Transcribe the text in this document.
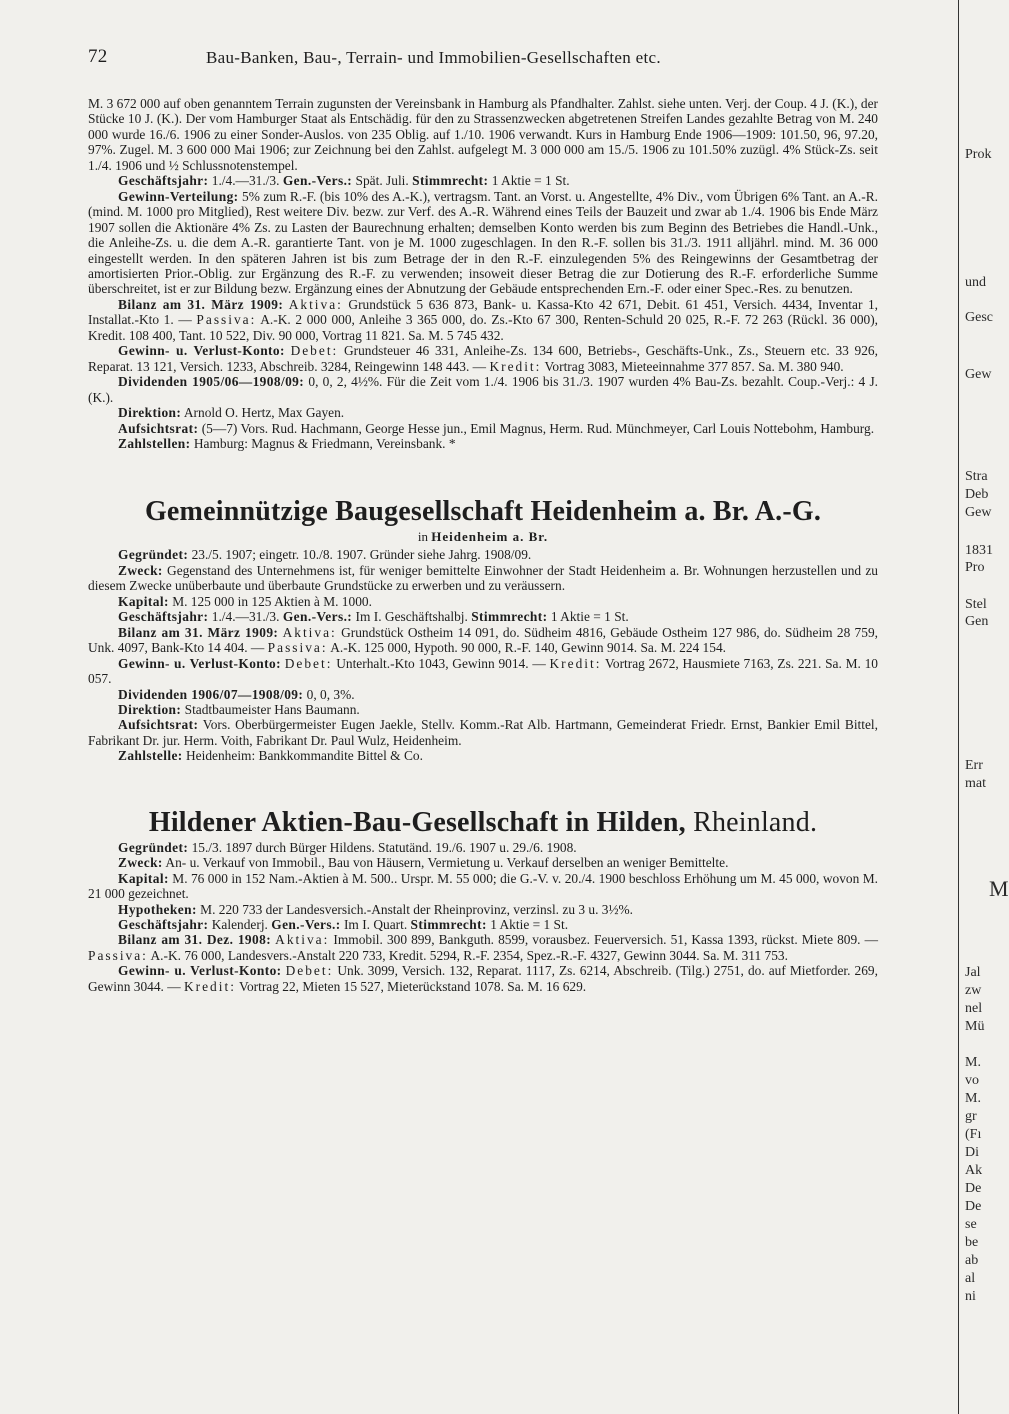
72	Bau-Banken, Bau-, Terrain- und Immobilien-Gesellschaften etc.

M. 3 672 000 auf oben genanntem Terrain zugunsten der Vereinsbank in Hamburg als Pfandhalter. Zahlst. siehe unten. Verj. der Coup. 4 J. (K.), der Stücke 10 J. (K.). Der vom Hamburger Staat als Entschädig. für den zu Strassenzwecken abgetretenen Streifen Landes gezahlte Betrag von M. 240 000 wurde 16./6. 1906 zu einer Sonder-Auslos. von 235 Oblig. auf 1./10. 1906 verwandt. Kurs in Hamburg Ende 1906—1909: 101.50, 96, 97.20, 97%. Zugel. M. 3 600 000 Mai 1906; zur Zeichnung bei den Zahlst. aufgelegt M. 3 000 000 am 15./5. 1906 zu 101.50% zuzügl. 4% Stück-Zs. seit 1./4. 1906 und ½ Schlussnotenstempel.

Geschäftsjahr: 1./4.—31./3. Gen.-Vers.: Spät. Juli. Stimmrecht: 1 Aktie = 1 St.

Gewinn-Verteilung: 5% zum R.-F. (bis 10% des A.-K.), vertragsm. Tant. an Vorst. u. Angestellte, 4% Div., vom Übrigen 6% Tant. an A.-R. (mind. M. 1000 pro Mitglied), Rest weitere Div. bezw. zur Verf. des A.-R. Während eines Teils der Bauzeit und zwar ab 1./4. 1906 bis Ende März 1907 sollen die Aktionäre 4% Zs. zu Lasten der Baurechnung erhalten; demselben Konto werden bis zum Beginn des Betriebes die Handl.-Unk., die Anleihe-Zs. u. die dem A.-R. garantierte Tant. von je M. 1000 zugeschlagen. In den R.-F. sollen bis 31./3. 1911 alljährl. mind. M. 36 000 eingestellt werden. In den späteren Jahren ist bis zum Betrage der in den R.-F. einzulegenden 5% des Reingewinns der Gesamtbetrag der amortisierten Prior.-Oblig. zur Ergänzung des R.-F. zu verwenden; insoweit dieser Betrag die zur Dotierung des R.-F. erforderliche Summe überschreitet, ist er zur Bildung bezw. Ergänzung eines der Abnutzung der Gebäude entsprechenden Ern.-F. oder einer Spec.-Res. zu benutzen.

Bilanz am 31. März 1909: Aktiva: Grundstück 5 636 873, Bank- u. Kassa-Kto 42 671, Debit. 61 451, Versich. 4434, Inventar 1, Installat.-Kto 1. — Passiva: A.-K. 2 000 000, Anleihe 3 365 000, do. Zs.-Kto 67 300, Renten-Schuld 20 025, R.-F. 72 263 (Rückl. 36 000), Kredit. 108 400, Tant. 10 522, Div. 90 000, Vortrag 11 821. Sa. M. 5 745 432.

Gewinn- u. Verlust-Konto: Debet: Grundsteuer 46 331, Anleihe-Zs. 134 600, Betriebs-, Geschäfts-Unk., Zs., Steuern etc. 33 926, Reparat. 13 121, Versich. 1233, Abschreib. 3284, Reingewinn 148 443. — Kredit: Vortrag 3083, Mieteeinnahme 377 857. Sa. M. 380 940.

Dividenden 1905/06—1908/09: 0, 0, 2, 4½%. Für die Zeit vom 1./4. 1906 bis 31./3. 1907 wurden 4% Bau-Zs. bezahlt. Coup.-Verj.: 4 J. (K.).

Direktion: Arnold O. Hertz, Max Gayen.

Aufsichtsrat: (5—7) Vors. Rud. Hachmann, George Hesse jun., Emil Magnus, Herm. Rud. Münchmeyer, Carl Louis Nottebohm, Hamburg.

Zahlstellen: Hamburg: Magnus & Friedmann, Vereinsbank. *

Gemeinnützige Baugesellschaft Heidenheim a. Br. A.-G.
in Heidenheim a. Br.

Gegründet: 23./5. 1907; eingetr. 10./8. 1907. Gründer siehe Jahrg. 1908/09.

Zweck: Gegenstand des Unternehmens ist, für weniger bemittelte Einwohner der Stadt Heidenheim a. Br. Wohnungen herzustellen und zu diesem Zwecke unüberbaute und überbaute Grundstücke zu erwerben und zu veräussern.

Kapital: M. 125 000 in 125 Aktien à M. 1000.

Geschäftsjahr: 1./4.—31./3. Gen.-Vers.: Im I. Geschäftshalbj. Stimmrecht: 1 Aktie = 1 St.

Bilanz am 31. März 1909: Aktiva: Grundstück Ostheim 14 091, do. Südheim 4816, Gebäude Ostheim 127 986, do. Südheim 28 759, Unk. 4097, Bank-Kto 14 404. — Passiva: A.-K. 125 000, Hypoth. 90 000, R.-F. 140, Gewinn 9014. Sa. M. 224 154.

Gewinn- u. Verlust-Konto: Debet: Unterhalt.-Kto 1043, Gewinn 9014. — Kredit: Vortrag 2672, Hausmiete 7163, Zs. 221. Sa. M. 10 057.

Dividenden 1906/07—1908/09: 0, 0, 3%.

Direktion: Stadtbaumeister Hans Baumann.

Aufsichtsrat: Vors. Oberbürgermeister Eugen Jaekle, Stellv. Komm.-Rat Alb. Hartmann, Gemeinderat Friedr. Ernst, Bankier Emil Bittel, Fabrikant Dr. jur. Herm. Voith, Fabrikant Dr. Paul Wulz, Heidenheim.

Zahlstelle: Heidenheim: Bankkommandite Bittel & Co.

Hildener Aktien-Bau-Gesellschaft in Hilden, Rheinland.

Gegründet: 15./3. 1897 durch Bürger Hildens. Statutänd. 19./6. 1907 u. 29./6. 1908.

Zweck: An- u. Verkauf von Immobil., Bau von Häusern, Vermietung u. Verkauf derselben an weniger Bemittelte.

Kapital: M. 76 000 in 152 Nam.-Aktien à M. 500.. Urspr. M. 55 000; die G.-V. v. 20./4. 1900 beschloss Erhöhung um M. 45 000, wovon M. 21 000 gezeichnet.

Hypotheken: M. 220 733 der Landesversich.-Anstalt der Rheinprovinz, verzinsl. zu 3 u. 3½%.

Geschäftsjahr: Kalenderj. Gen.-Vers.: Im I. Quart. Stimmrecht: 1 Aktie = 1 St.

Bilanz am 31. Dez. 1908: Aktiva: Immobil. 300 899, Bankguth. 8599, vorausbez. Feuerversich. 51, Kassa 1393, rückst. Miete 809. — Passiva: A.-K. 76 000, Landesvers.-Anstalt 220 733, Kredit. 5294, R.-F. 2354, Spez.-R.-F. 4327, Gewinn 3044. Sa. M. 311 753.

Gewinn- u. Verlust-Konto: Debet: Unk. 3099, Versich. 132, Reparat. 1117, Zs. 6214, Abschreib. (Tilg.) 2751, do. auf Mietforder. 269, Gewinn 3044. — Kredit: Vortrag 22, Mieten 15 527, Mieterückstand 1078. Sa. M. 16 629.

Prok
und
Gesc
Gew
Stra
Deb
Gew
1831
Pro
Stel
Gen
Err
mat
M
Jal
zw
nel
Mü
M.
vo
M.
gr
(Fı
Di
Ak
De
De
se
be
ab
al
ni
